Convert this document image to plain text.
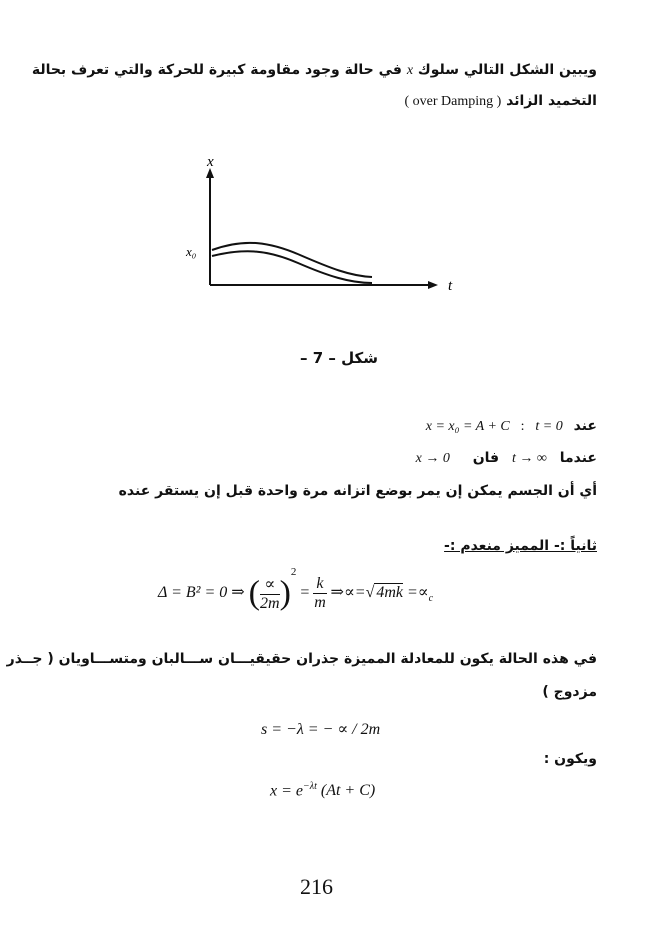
ويبين الشكل التالي سلوك x في حالة وجود مقاومة كبيرة للحركة والتي تعرف بحالة
التخميد الزائد ( over Damping )
x
t
x₀
شكل – 7 –
عند t = 0 : x = x₀ = A + C
عندما t → ∞ فان x → 0
أي أن الجسم يمكن إن يمر بوضع اتزانه مرة واحدة قبل إن يستقر عنده
ثانياً :- المميز منعدم :-
Δ = B² = 0 ⇒ ( $\frac{\propto}{2m} )^2 = \frac{k}{m}$ ⇒∝=√ $4mk =\propto_c$
في هذه الحالة يكون للمعادلة المميزة جذران حقيقيـــان ســـالبان ومتســـاويان ( جــذر
مزدوج )
s = −λ = − ∝ / 2m
ويكون :
$x = e^{-\lambda t}$ (At + C)
216
